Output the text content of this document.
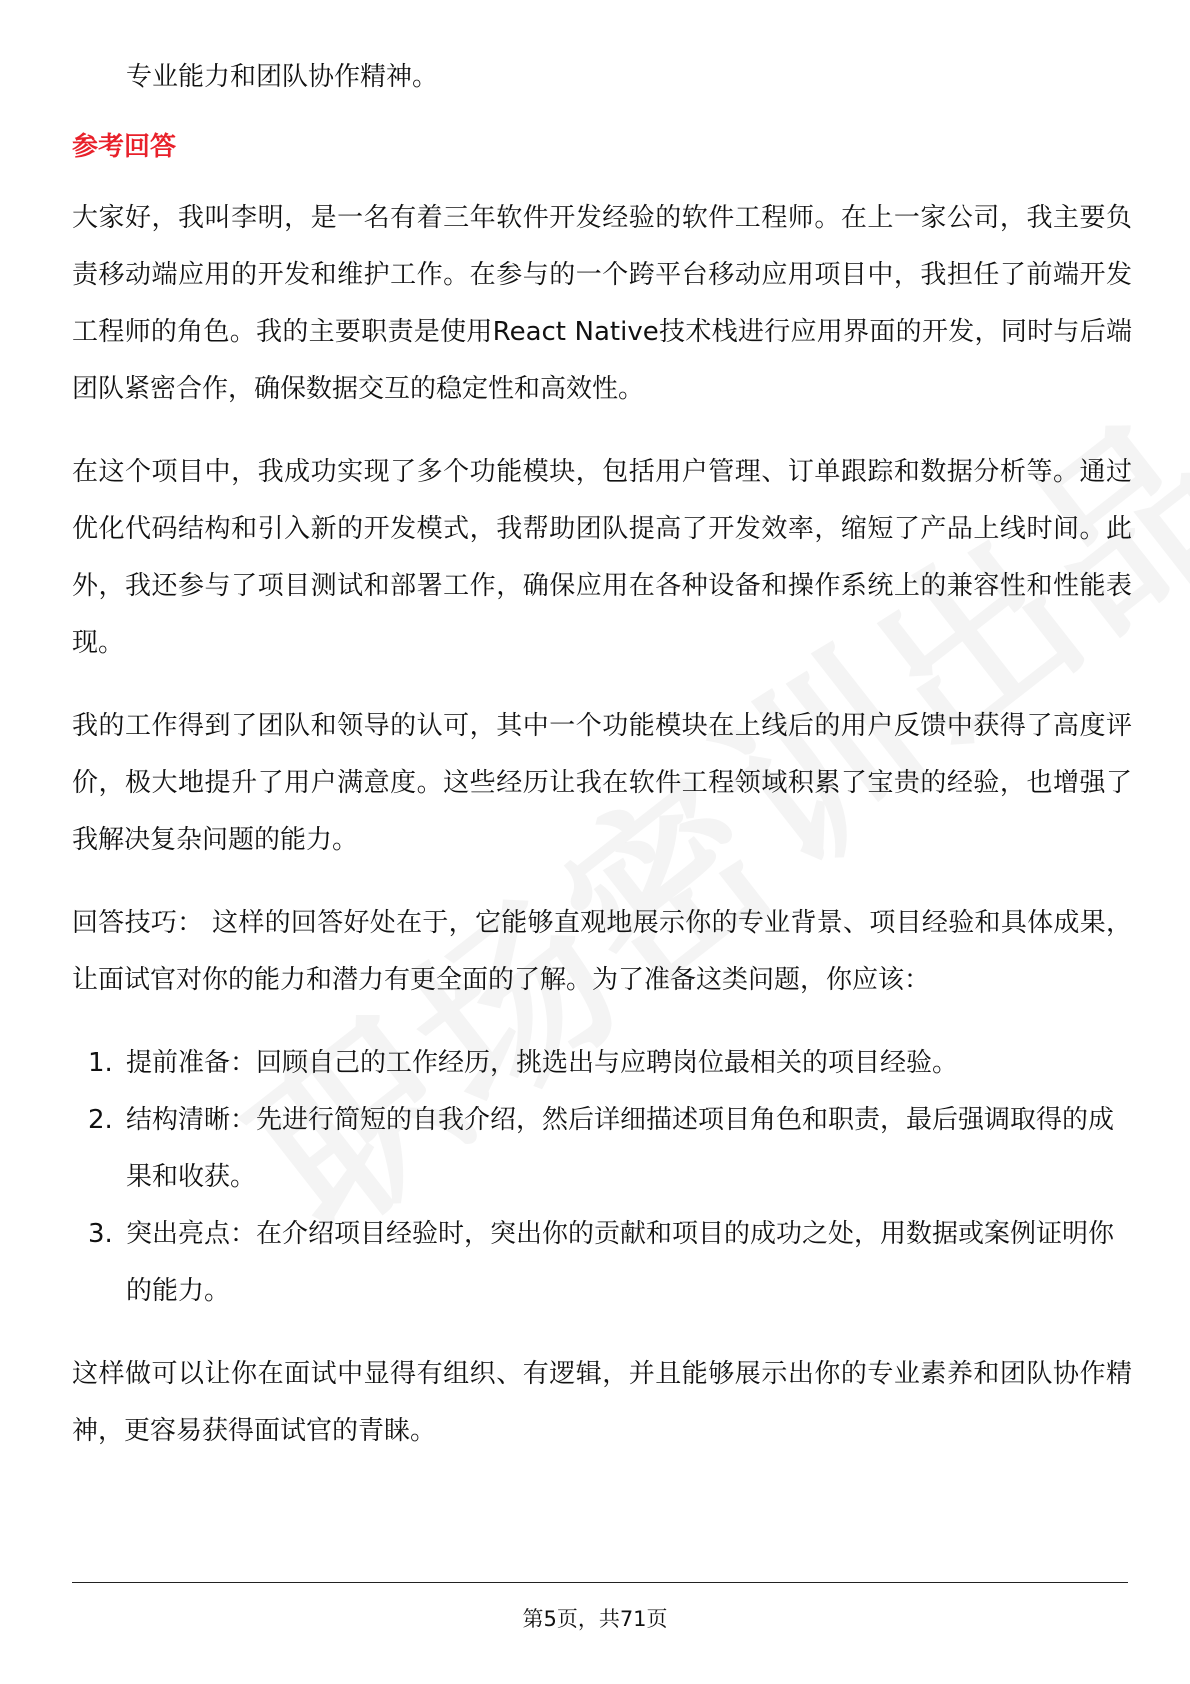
专业能力和团队协作精神。

参考回答

大家好，我叫李明，是一名有着三年软件开发经验的软件工程师。在上一家公司，我主要负责移动端应用的开发和维护工作。在参与的一个跨平台移动应用项目中，我担任了前端开发工程师的角色。我的主要职责是使用React Native技术栈进行应用界面的开发，同时与后端团队紧密合作，确保数据交互的稳定性和高效性。

在这个项目中，我成功实现了多个功能模块，包括用户管理、订单跟踪和数据分析等。通过优化代码结构和引入新的开发模式，我帮助团队提高了开发效率，缩短了产品上线时间。此外，我还参与了项目测试和部署工作，确保应用在各种设备和操作系统上的兼容性和性能表现。

我的工作得到了团队和领导的认可，其中一个功能模块在上线后的用户反馈中获得了高度评价，极大地提升了用户满意度。这些经历让我在软件工程领域积累了宝贵的经验，也增强了我解决复杂问题的能力。

回答技巧： 这样的回答好处在于，它能够直观地展示你的专业背景、项目经验和具体成果，让面试官对你的能力和潜力有更全面的了解。为了准备这类问题，你应该：

1. 提前准备：回顾自己的工作经历，挑选出与应聘岗位最相关的项目经验。
2. 结构清晰：先进行简短的自我介绍，然后详细描述项目角色和职责，最后强调取得的成果和收获。
3. 突出亮点：在介绍项目经验时，突出你的贡献和项目的成功之处，用数据或案例证明你的能力。

这样做可以让你在面试中显得有组织、有逻辑，并且能够展示出你的专业素养和团队协作精神，更容易获得面试官的青睐。

第5页，共71页
